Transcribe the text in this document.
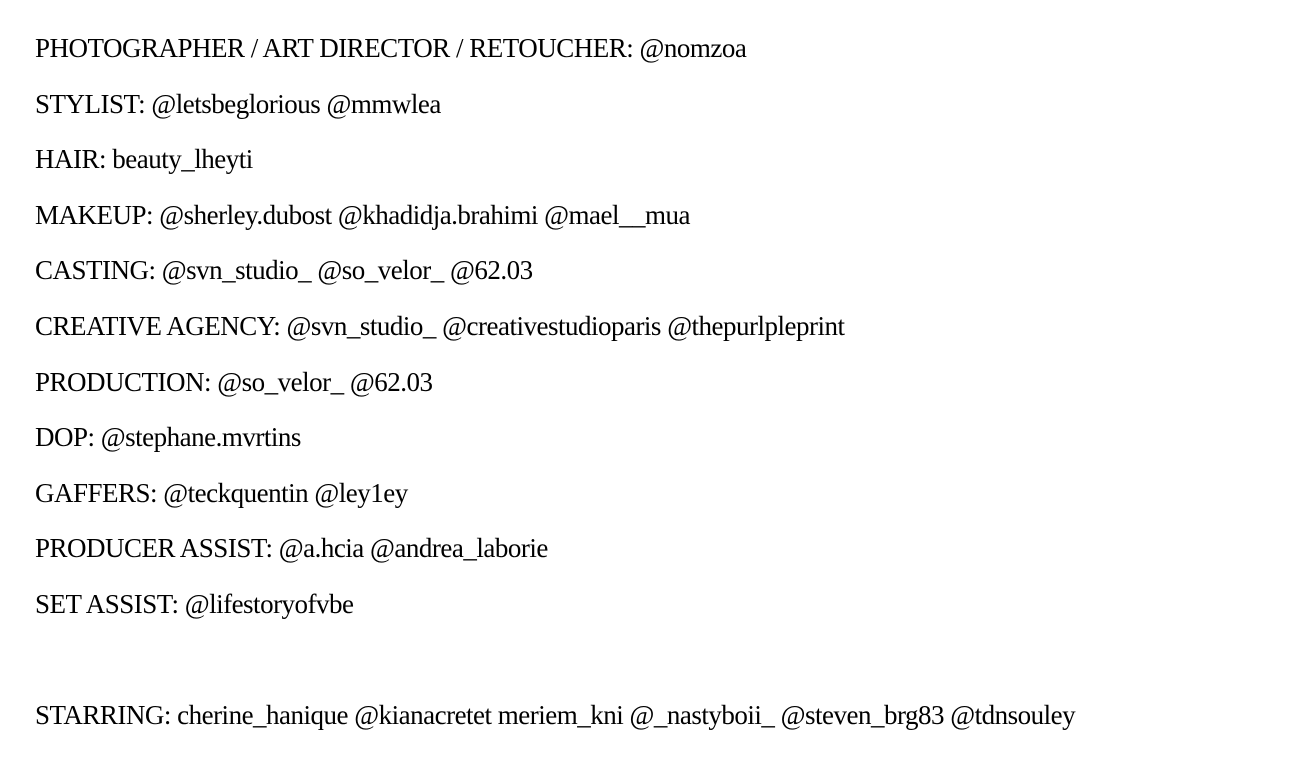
PHOTOGRAPHER / ART DIRECTOR / RETOUCHER: @nomzoa
STYLIST: @letsbeglorious @mmwlea
HAIR: beauty_lheyti
MAKEUP: @sherley.dubost @khadidja.brahimi @mael__mua
CASTING: @svn_studio_ @so_velor_ @62.03
CREATIVE AGENCY: @svn_studio_ @creativestudioparis @thepurlpleprint
PRODUCTION: @so_velor_ @62.03
DOP: @stephane.mvrtins
GAFFERS: @teckquentin @ley1ey
PRODUCER ASSIST: @a.hcia @andrea_laborie
SET ASSIST: @lifestoryofvbe
STARRING: cherine_hanique @kianacretet meriem_kni @_nastyboii_ @steven_brg83 @tdnsouley
